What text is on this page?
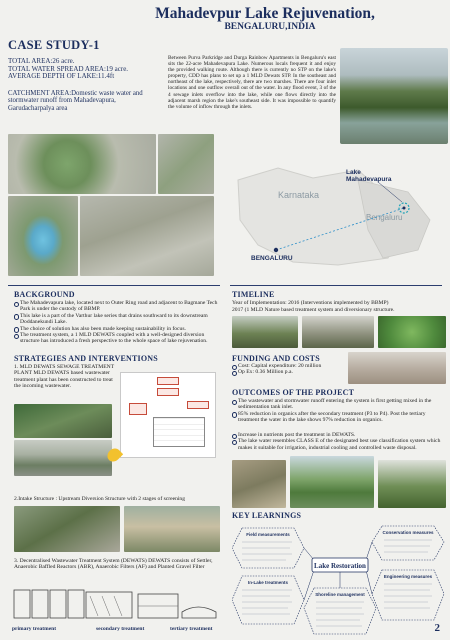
Mahadevpur Lake Rejuvenation,
BENGALURU,INDIA
CASE STUDY-1
TOTAL AREA:26 acre.
TOTAL WATER SPREAD AREA:19 acre.
AVERAGE DEPTH OF LAKE:11.4ft
CATCHMENT AREA:Domestic waste water and stormwater runoff from Mahadevapura, Garudacharpalya area
Between Purva Parkridge and Durga Rainbow Apartments in Bengaluru's east sits the 22-acre Mahadevapura Lake. Numerous locals frequent it and enjoy the provided walking route. Although there is currently no STP on the lake's property, CDD has plans to set up a 1 MLD Dewats STP. In the southeast and northeast of the lake, respectively, there are two marshes. There are four inlet locations and one outflow overall out of the water. In any flood event, 3 of the 4 sewage inlets overflow into the lake, while one flows directly into the adjacent marsh region the lake's southeast side. It was impossible to quantify the volume of inflow through the inlets.
Karnataka
Bengaluru
Lake
Mahadevapura
BENGALURU
BACKGROUND
The Mahadevapura lake, located next to Outer Ring road and adjacent to Bagmane Tech Park is under the custody of BBMP.
This lake is a part of the Varthur lake series that drains southward to its downstream Doddanekundi Lake.
The choice of solution has also been made keeping sustainability in focus.
The treatment system, a 1 MLD DEWATS coupled with a well-designed diversion structure has introduced a fresh perspective to the whole space of lake rejuvenation.
STRATEGIES AND INTERVENTIONS
1. MLD DEWATS SEWAGE TREATMENT PLANT MLD DEWATS based wastewater treatment plant has been constructed to treat the incoming wastewater.
2.Intake Structure : Upstream Diversion Structure with 2 stages of screening
3. Decentralised Wastewater Treatment System (DEWATS) DEWATS consists of Settler, Anaerobic Baffled Reactors (ABR), Anaerobic Filters (AF) and Planted Gravel Filter
primary treatment	secondary treatment	tertiary treatment
TIMELINE
Year of Implementation: 2016 (Interventions implemented by BBMP)
2017 (1 MLD Nature based treatment system and diversionary structure.
FUNDING AND COSTS
Cost: Capital expenditure: 20 million
Op Ex: 0.36 Million p.a.
OUTCOMES OF THE PROJECT
The wastewater and stormwater runoff entering the system is first getting mixed in the sedimentation tank inlet.
85% reduction in organics after the secondary treatment (P3 to P4). Post the tertiary treatment the water in the lake shows 97% reduction in organics.
Increase in nutrients post the treatment in DEWATS.
The lake water resembles CLASS E of the designated best use classification system which makes it suitable for irrigation, industrial cooling and controlled waste disposal.
KEY LEARNINGS
Lake Restoration
Field measurements
In-Lake treatments
Shoreline management
Conservation measures
Engineering measures
2
